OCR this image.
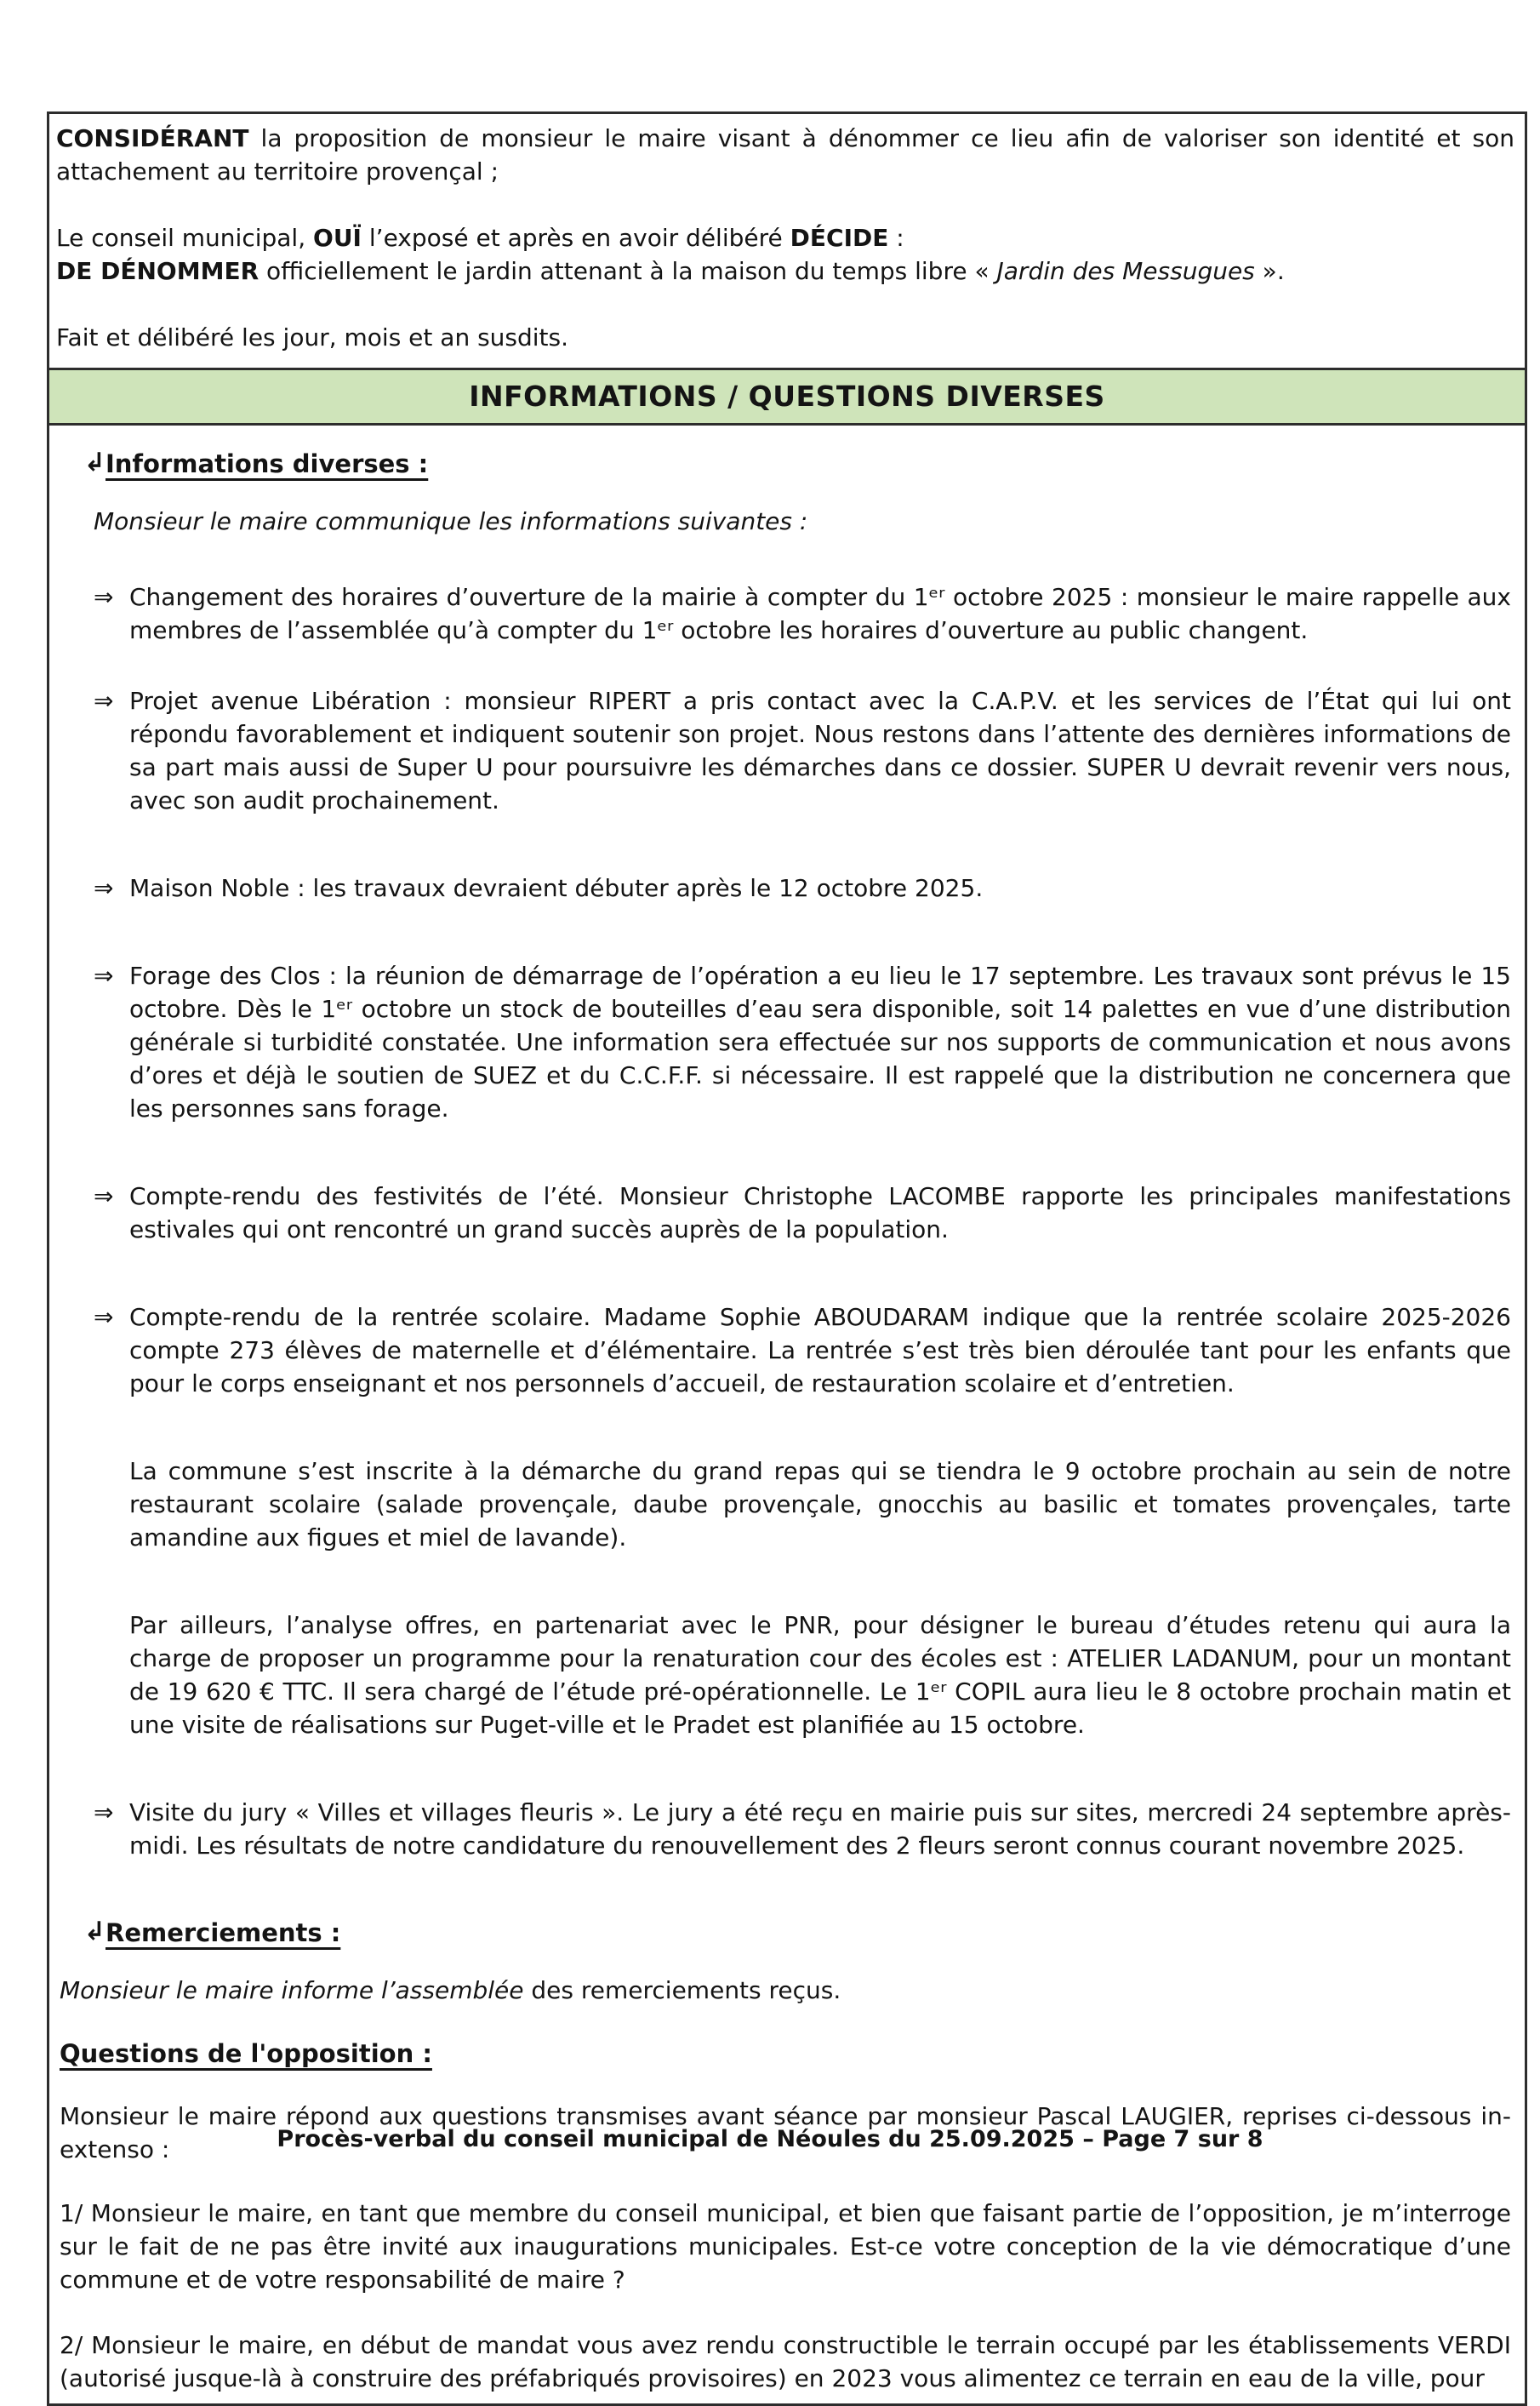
CONSIDÉRANT la proposition de monsieur le maire visant à dénommer ce lieu afin de valoriser son identité et son attachement au territoire provençal ;
Le conseil municipal, OUÏ l’exposé et après en avoir délibéré DÉCIDE :
DE DÉNOMMER officiellement le jardin attenant à la maison du temps libre « Jardin des Messugues ».
Fait et délibéré les jour, mois et an susdits.
INFORMATIONS / QUESTIONS DIVERSES
↳ Informations diverses :
Monsieur le maire communique les informations suivantes :
⇒ Changement des horaires d’ouverture de la mairie à compter du 1ᵉʳ octobre 2025 : monsieur le maire rappelle aux membres de l’assemblée qu’à compter du 1ᵉʳ octobre les horaires d’ouverture au public changent.
⇒ Projet avenue Libération : monsieur RIPERT a pris contact avec la C.A.P.V. et les services de l’État qui lui ont répondu favorablement et indiquent soutenir son projet. Nous restons dans l’attente des dernières informations de sa part mais aussi de Super U pour poursuivre les démarches dans ce dossier. SUPER U devrait revenir vers nous, avec son audit prochainement.
⇒ Maison Noble : les travaux devraient débuter après le 12 octobre 2025.
⇒ Forage des Clos : la réunion de démarrage de l’opération a eu lieu le 17 septembre. Les travaux sont prévus le 15 octobre. Dès le 1ᵉʳ octobre un stock de bouteilles d’eau sera disponible, soit 14 palettes en vue d’une distribution générale si turbidité constatée. Une information sera effectuée sur nos supports de communication et nous avons d’ores et déjà le soutien de SUEZ et du C.C.F.F. si nécessaire. Il est rappelé que la distribution ne concernera que les personnes sans forage.
⇒ Compte-rendu des festivités de l’été. Monsieur Christophe LACOMBE rapporte les principales manifestations estivales qui ont rencontré un grand succès auprès de la population.
⇒ Compte-rendu de la rentrée scolaire. Madame Sophie ABOUDARAM indique que la rentrée scolaire 2025-2026 compte 273 élèves de maternelle et d’élémentaire. La rentrée s’est très bien déroulée tant pour les enfants que pour le corps enseignant et nos personnels d’accueil, de restauration scolaire et d’entretien.
La commune s’est inscrite à la démarche du grand repas qui se tiendra le 9 octobre prochain au sein de notre restaurant scolaire (salade provençale, daube provençale, gnocchis au basilic et tomates provençales, tarte amandine aux figues et miel de lavande).
Par ailleurs, l’analyse offres, en partenariat avec le PNR, pour désigner le bureau d’études retenu qui aura la charge de proposer un programme pour la renaturation cour des écoles est : ATELIER LADANUM, pour un montant de 19 620 € TTC. Il sera chargé de l’étude pré-opérationnelle. Le 1ᵉʳ COPIL aura lieu le 8 octobre prochain matin et une visite de réalisations sur Puget-ville et le Pradet est planifiée au 15 octobre.
⇒ Visite du jury « Villes et villages fleuris ». Le jury a été reçu en mairie puis sur sites, mercredi 24 septembre après-midi. Les résultats de notre candidature du renouvellement des 2 fleurs seront connus courant novembre 2025.
↳ Remerciements :
Monsieur le maire informe l’assemblée des remerciements reçus.
Questions de l'opposition :
Monsieur le maire répond aux questions transmises avant séance par monsieur Pascal LAUGIER, reprises ci-dessous in-extenso :
1/ Monsieur le maire, en tant que membre du conseil municipal, et bien que faisant partie de l’opposition, je m’interroge sur le fait de ne pas être invité aux inaugurations municipales. Est-ce votre conception de la vie démocratique d’une commune et de votre responsabilité de maire ?
2/ Monsieur le maire, en début de mandat vous avez rendu constructible le terrain occupé par les établissements VERDI (autorisé jusque-là à construire des préfabriqués provisoires) en 2023 vous alimentez ce terrain en eau de la ville, pour
Procès-verbal du conseil municipal de Néoules du 25.09.2025 – Page 7 sur 8
